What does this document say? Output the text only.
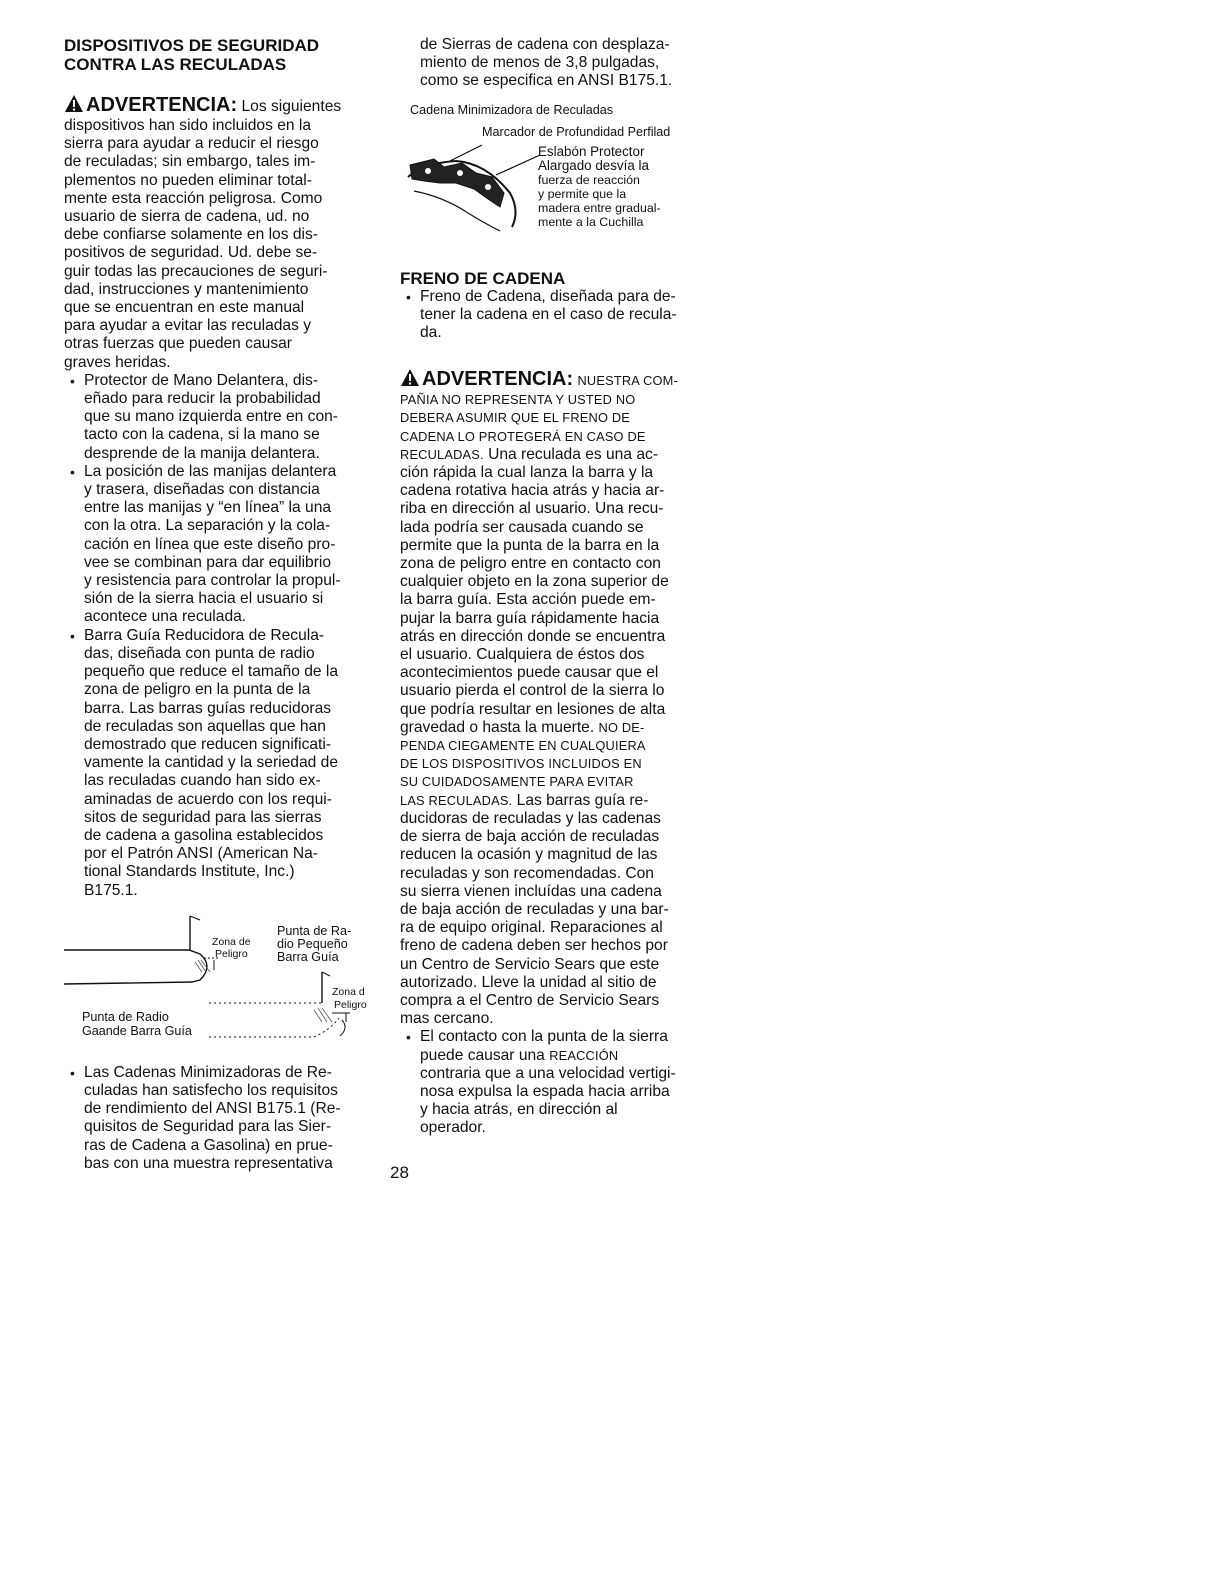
DISPOSITIVOS DE SEGURIDAD

CONTRA LAS RECULADAS

ADVERTENCIA: Los siguientes

dispositivos han sido incluidos en la
sierra para ayudar a reducir el riesgo
de reculadas; sin embargo, tales im-
plementos no pueden eliminar total-
mente esta reacción peligrosa. Como
usuario de sierra de cadena, ud. no
debe confiarse solamente en los dis-
positivos de seguridad. Ud. debe se-
guir todas las precauciones de seguri-
dad, instrucciones y mantenimiento
que se encuentran en este manual
para ayudar a evitar las reculadas y
otras fuerzas que pueden causar
graves heridas.
• Protector de Mano Delantera, dis-
eñado para reducir la probabilidad
que su mano izquierda entre en con-
tacto con la cadena, si la mano se
desprende de la manija delantera.
• La posición de las manijas delantera
y trasera, diseñadas con distancia
entre las manijas y “en línea” la una
con la otra. La separación y la cola-
cación en línea que este diseño pro-
vee se combinan para dar equilibrio
y resistencia para controlar la propul-
sión de la sierra hacia el usuario si
acontece una reculada.
• Barra Guía Reducidora de Recula-
das, diseñada con punta de radio
pequeño que reduce el tamaño de la
zona de peligro en la punta de la
barra. Las barras guías reducidoras
de reculadas son aquellas que han
demostrado que reducen significati-
vamente la cantidad y la seriedad de
las reculadas cuando han sido ex-
aminadas de acuerdo con los requi-
sitos de seguridad para las sierras
de cadena a gasolina establecidos
por el Patrón ANSI (American Na-
tional Standards Institute, Inc.)
B175.1.
Zona de
Peligro
Punta de Ra-
dio Pequeño
Barra Guía
Zona d
Peligro
Punta de Radio
Gaande Barra Guía
• Las Cadenas Minimizadoras de Re-
culadas han satisfecho los requisitos
de rendimiento del ANSI B175.1 (Re-
quisitos de Seguridad para las Sier-
ras de Cadena a Gasolina) en prue-
bas con una muestra representativa
de Sierras de cadena con desplaza-
miento de menos de 3,8 pulgadas,
como se especifica en ANSI B175.1.
Cadena Minimizadora de Reculadas
Marcador de Profundidad Perfilad
Eslabón Protector
Alargado desvía la
fuerza de reacción
y permite que la
madera entre gradual-
mente a la Cuchilla

FRENO DE CADENA

• Freno de Cadena, diseñada para de-
tener la cadena en el caso de recula-
da.

ADVERTENCIA: NUESTRA COM-

PAÑIA NO REPRESENTA Y USTED NO
DEBERA ASUMIR QUE EL FRENO DE
CADENA LO PROTEGERÁ EN CASO DE
RECULADAS. Una reculada es una ac-
ción rápida la cual lanza la barra y la
cadena rotativa hacia atrás y hacia ar-
riba en dirección al usuario. Una recu-
lada podría ser causada cuando se
permite que la punta de la barra en la
zona de peligro entre en contacto con
cualquier objeto en la zona superior de
la barra guía. Esta acción puede em-
pujar la barra guía rápidamente hacia
atrás en dirección donde se encuentra
el usuario. Cualquiera de éstos dos
acontecimientos puede causar que el
usuario pierda el control de la sierra lo
que podría resultar en lesiones de alta
gravedad o hasta la muerte. NO DE-
PENDA CIEGAMENTE EN CUALQUIERA
DE LOS DISPOSITIVOS INCLUIDOS EN
SU CUIDADOSAMENTE PARA EVITAR
LAS RECULADAS. Las barras guía re-
ducidoras de reculadas y las cadenas
de sierra de baja acción de reculadas
reducen la ocasión y magnitud de las
reculadas y son recomendadas. Con
su sierra vienen incluídas una cadena
de baja acción de reculadas y una bar-
ra de equipo original. Reparaciones al
freno de cadena deben ser hechos por
un Centro de Servicio Sears que este
autorizado. Lleve la unidad al sitio de
compra a el Centro de Servicio Sears
mas cercano.
• El contacto con la punta de la sierra
puede causar una REACCIÓN
contraria que a una velocidad vertigi-
nosa expulsa la espada hacia arriba
y hacia atrás, en dirección al
operador.
28
